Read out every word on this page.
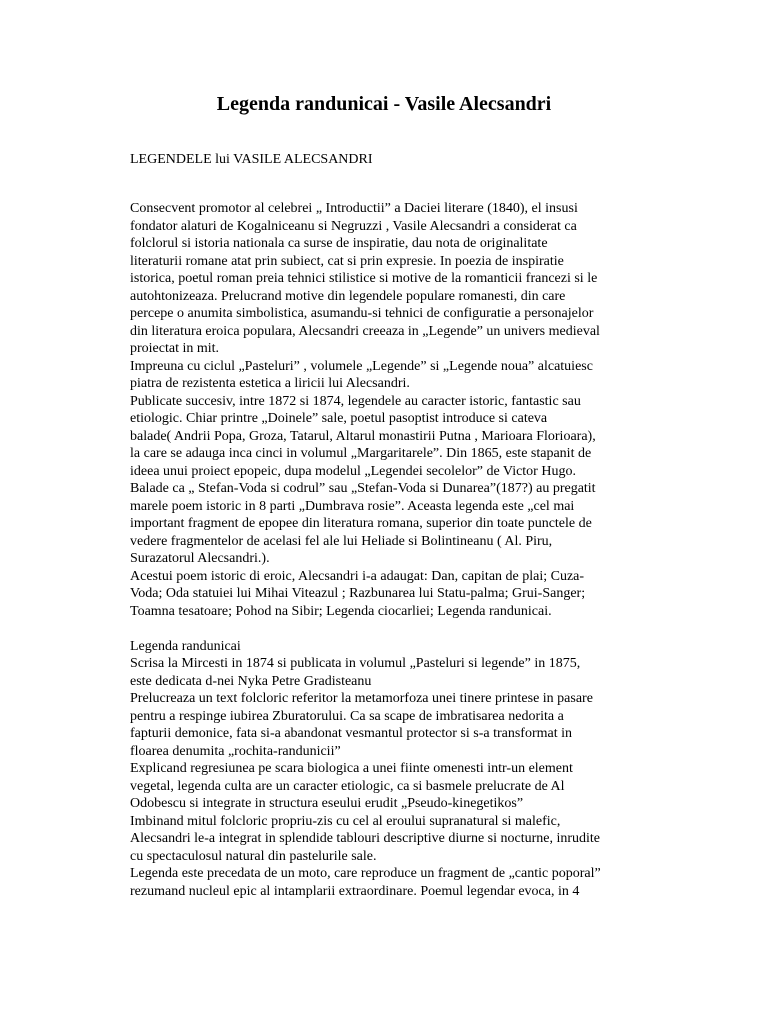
Legenda randunicai - Vasile Alecsandri

LEGENDELE lui VASILE ALECSANDRI

Consecvent promotor al celebrei „ Introductii” a Daciei literare (1840), el insusi
fondator alaturi de Kogalniceanu si Negruzzi , Vasile Alecsandri a considerat ca
folclorul si istoria nationala ca surse de inspiratie, dau nota de originalitate
literaturii romane atat prin subiect, cat si prin expresie. In poezia de inspiratie
istorica, poetul roman preia tehnici stilistice si motive de la romanticii francezi si le
autohtonizeaza. Prelucrand motive din legendele populare romanesti, din care
percepe o anumita simbolistica, asumandu-si tehnici de configuratie a personajelor
din literatura eroica populara, Alecsandri creeaza in „Legende” un univers medieval
proiectat in mit.
Impreuna cu ciclul „Pasteluri” , volumele „Legende” si „Legende noua” alcatuiesc
piatra de rezistenta estetica a liricii lui Alecsandri.
Publicate succesiv, intre 1872 si 1874, legendele au caracter istoric, fantastic sau
etiologic. Chiar printre „Doinele” sale, poetul pasoptist introduce si cateva
balade( Andrii Popa, Groza, Tatarul, Altarul monastirii Putna , Marioara Florioara),
la care se adauga inca cinci in volumul „Margaritarele”. Din 1865, este stapanit de
ideea unui proiect epopeic, dupa modelul „Legendei secolelor” de Victor Hugo.
Balade ca „ Stefan-Voda si codrul” sau „Stefan-Voda si Dunarea”(187?) au pregatit
marele poem istoric in 8 parti „Dumbrava rosie”. Aceasta legenda este „cel mai
important fragment de epopee din literatura romana, superior din toate punctele de
vedere fragmentelor de acelasi fel ale lui Heliade si Bolintineanu ( Al. Piru,
Surazatorul Alecsandri.).
Acestui poem istoric di eroic, Alecsandri i-a adaugat: Dan, capitan de plai; Cuza-
Voda; Oda statuiei lui Mihai Viteazul ; Razbunarea lui Statu-palma; Grui-Sanger;
Toamna tesatoare; Pohod na Sibir; Legenda ciocarliei; Legenda randunicai.
Legenda randunicai
Scrisa la Mircesti in 1874 si publicata in volumul „Pasteluri si legende” in 1875,
este dedicata d-nei Nyka Petre Gradisteanu
Prelucreaza un text folcloric referitor la metamorfoza unei tinere printese in pasare
pentru a respinge iubirea Zburatorului. Ca sa scape de imbratisarea nedorita a
fapturii demonice, fata si-a abandonat vesmantul protector si s-a transformat in
floarea denumita „rochita-randunicii”
Explicand regresiunea pe scara biologica a unei fiinte omenesti intr-un element
vegetal, legenda culta are un caracter etiologic, ca si basmele prelucrate de Al
Odobescu si integrate in structura eseului erudit „Pseudo-kinegetikos”
Imbinand mitul folcloric propriu-zis cu cel al eroului supranatural si malefic,
Alecsandri le-a integrat in splendide tablouri descriptive diurne si nocturne, inrudite
cu spectaculosul natural din pastelurile sale.
Legenda este precedata de un moto, care reproduce un fragment de „cantic poporal”
rezumand nucleul epic al intamplarii extraordinare. Poemul legendar evoca, in 4
